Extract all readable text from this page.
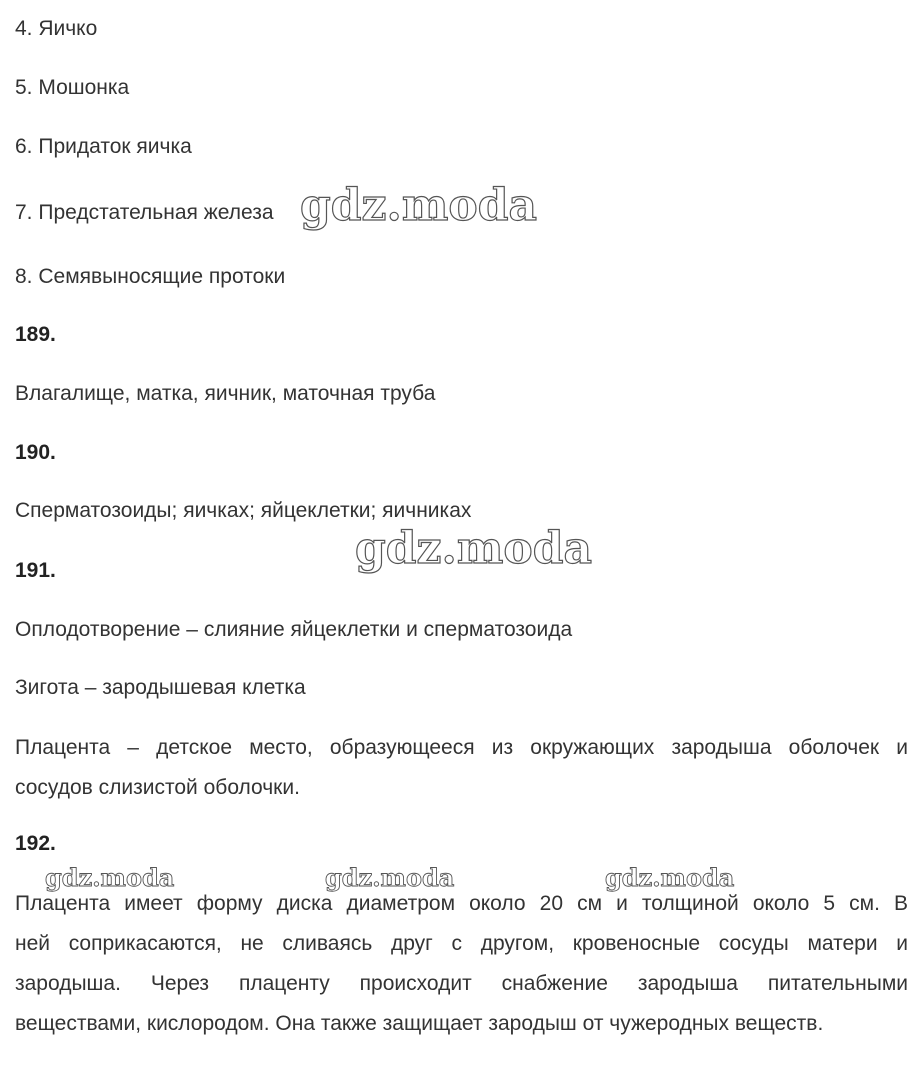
4. Яичко
5. Мошонка
6. Придаток яичка
7. Предстательная железа
8. Семявыносящие протоки
189.
Влагалище, матка, яичник, маточная труба
190.
Сперматозоиды; яичках; яйцеклетки; яичниках
191.
Оплодотворение – слияние яйцеклетки и сперматозоида
Зигота – зародышевая клетка
Плацента – детское место, образующееся из окружающих зародыша оболочек и
сосудов слизистой оболочки.
192.
Плацента имеет форму диска диаметром около 20 см и толщиной около 5 см. В
ней соприкасаются, не сливаясь друг с другом, кровеносные сосуды матери и
зародыша. Через плаценту происходит снабжение зародыша питательными
веществами, кислородом. Она также защищает зародыш от чужеродных веществ.
gdz.moda
gdz.moda
gdz.moda	gdz.moda	gdz.moda
